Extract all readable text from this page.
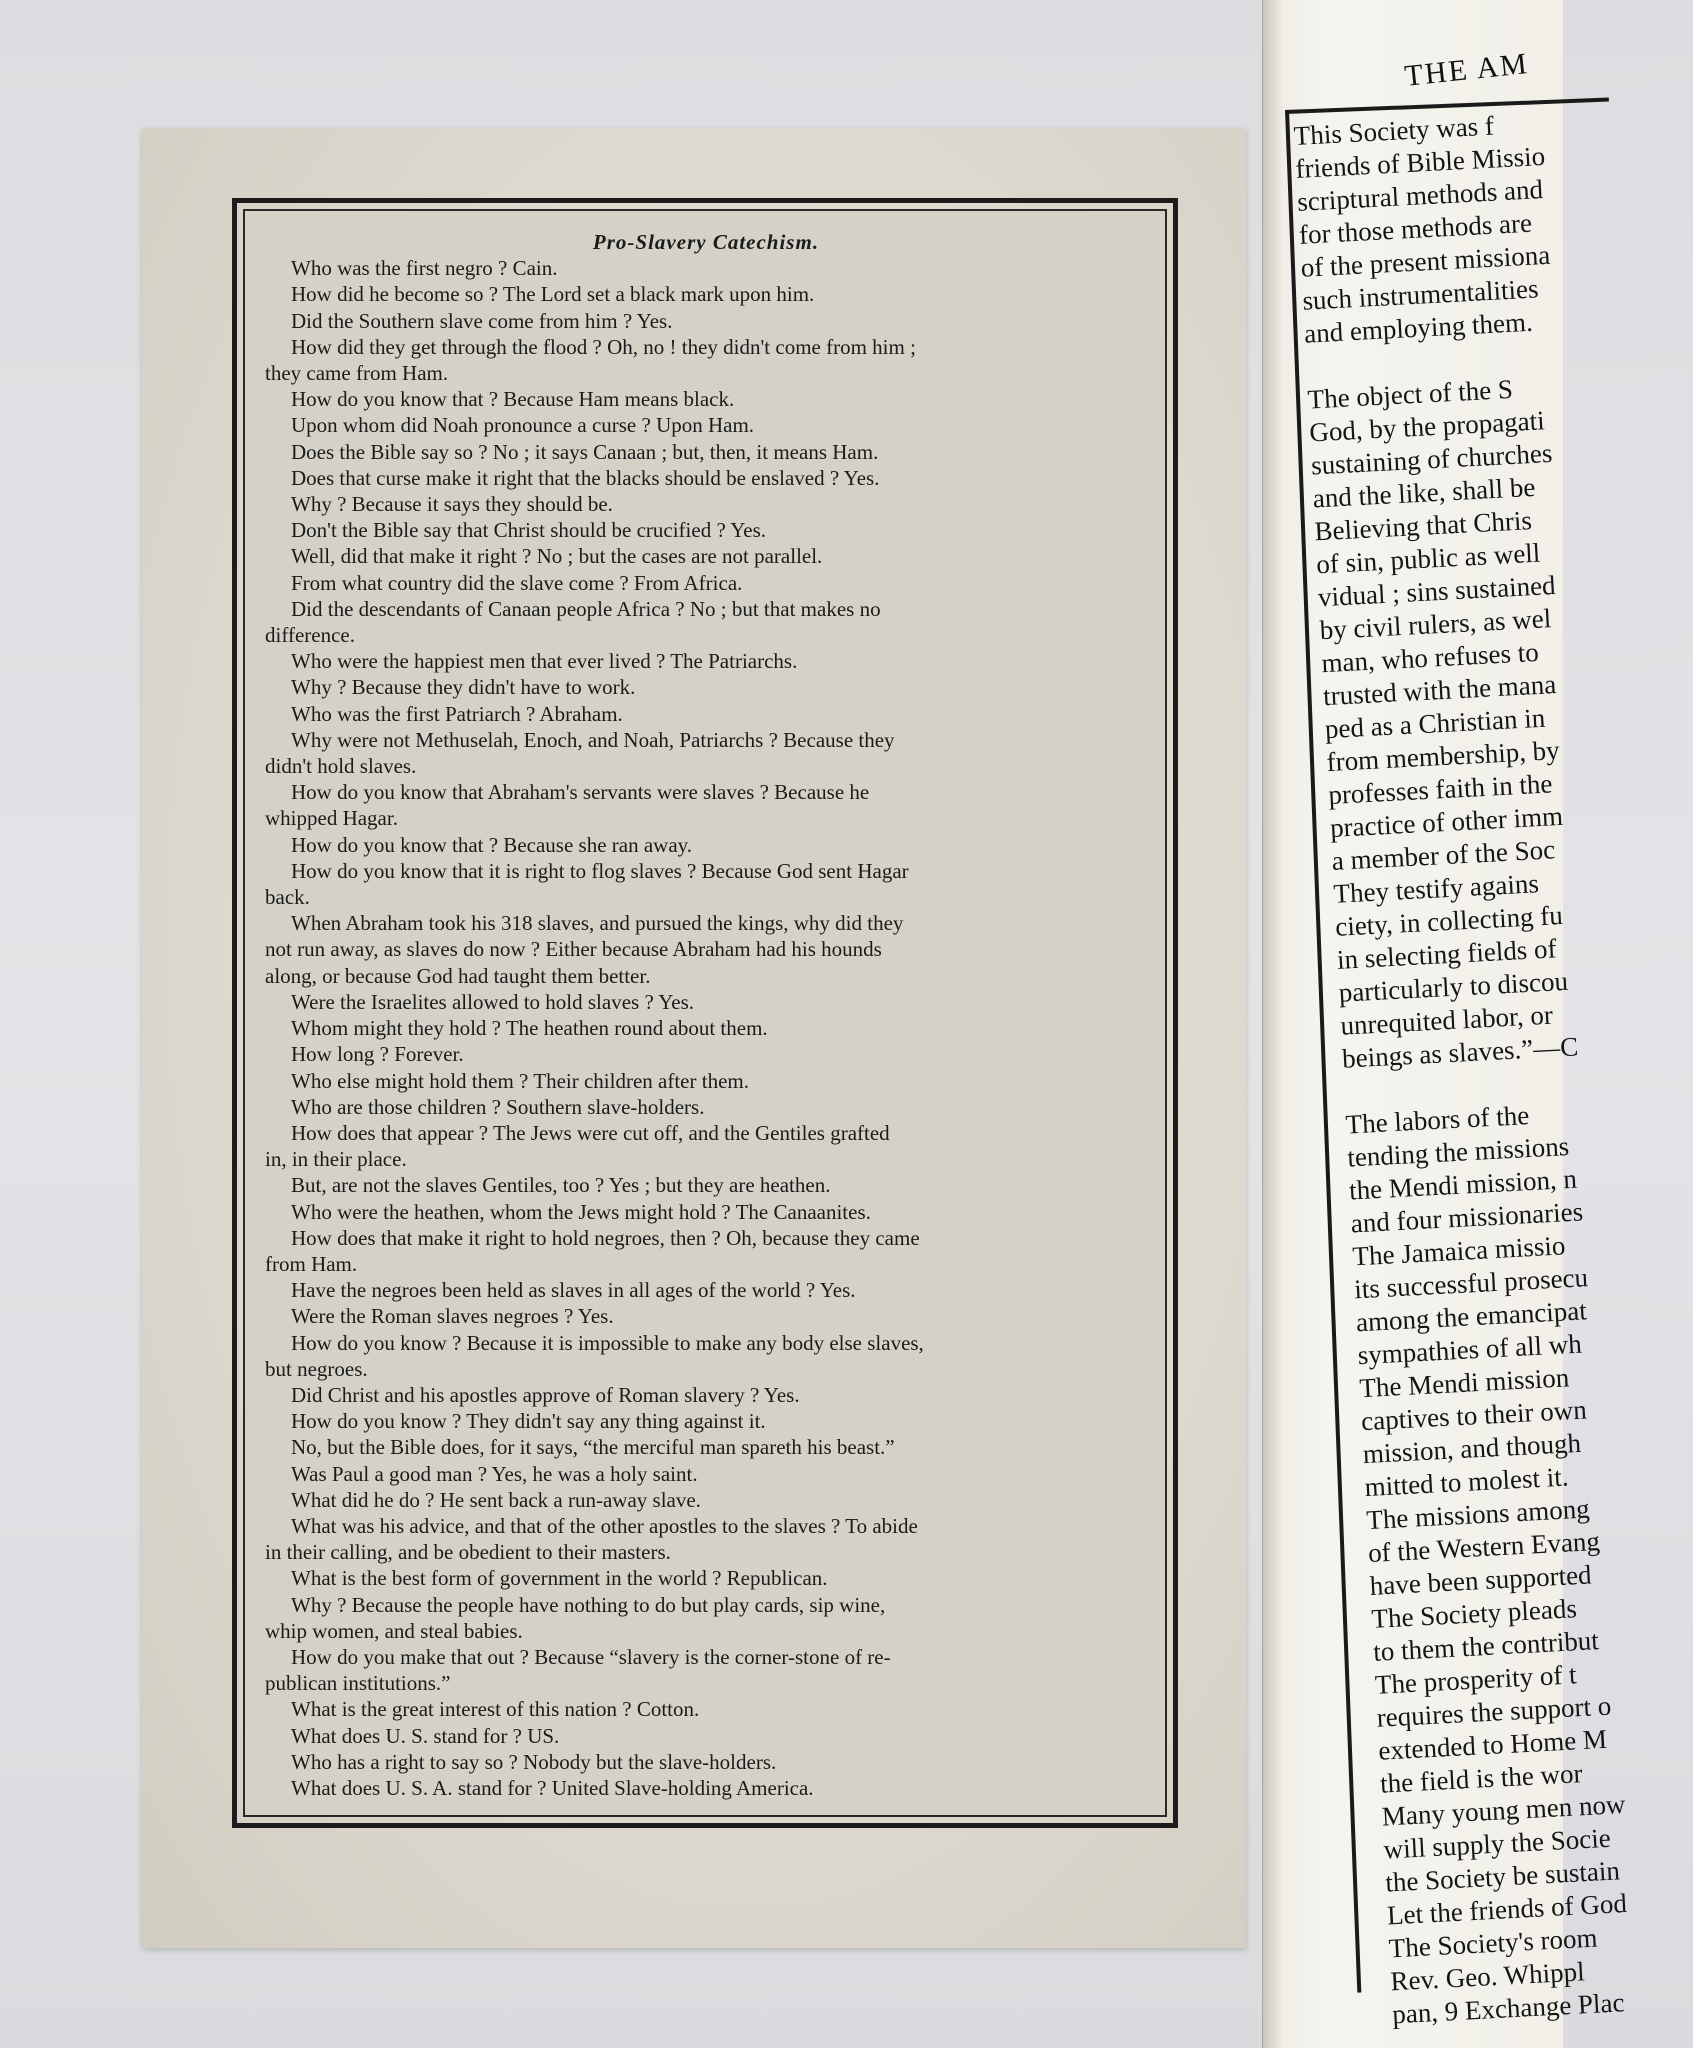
Pro-Slavery Catechism.
Who was the first negro ? Cain.
How did he become so ? The Lord set a black mark upon him.
Did the Southern slave come from him ? Yes.
How did they get through the flood ? Oh, no ! they didn't come from him ;
they came from Ham.
How do you know that ? Because Ham means black.
Upon whom did Noah pronounce a curse ? Upon Ham.
Does the Bible say so ? No ; it says Canaan ; but, then, it means Ham.
Does that curse make it right that the blacks should be enslaved ? Yes.
Why ? Because it says they should be.
Don't the Bible say that Christ should be crucified ? Yes.
Well, did that make it right ? No ; but the cases are not parallel.
From what country did the slave come ? From Africa.
Did the descendants of Canaan people Africa ? No ; but that makes no
difference.
Who were the happiest men that ever lived ? The Patriarchs.
Why ? Because they didn't have to work.
Who was the first Patriarch ? Abraham.
Why were not Methuselah, Enoch, and Noah, Patriarchs ? Because they
didn't hold slaves.
How do you know that Abraham's servants were slaves ? Because he
whipped Hagar.
How do you know that ? Because she ran away.
How do you know that it is right to flog slaves ? Because God sent Hagar
back.
When Abraham took his 318 slaves, and pursued the kings, why did they
not run away, as slaves do now ? Either because Abraham had his hounds
along, or because God had taught them better.
Were the Israelites allowed to hold slaves ? Yes.
Whom might they hold ? The heathen round about them.
How long ? Forever.
Who else might hold them ? Their children after them.
Who are those children ? Southern slave-holders.
How does that appear ? The Jews were cut off, and the Gentiles grafted
in, in their place.
But, are not the slaves Gentiles, too ? Yes ; but they are heathen.
Who were the heathen, whom the Jews might hold ? The Canaanites.
How does that make it right to hold negroes, then ? Oh, because they came
from Ham.
Have the negroes been held as slaves in all ages of the world ? Yes.
Were the Roman slaves negroes ? Yes.
How do you know ? Because it is impossible to make any body else slaves,
but negroes.
Did Christ and his apostles approve of Roman slavery ? Yes.
How do you know ? They didn't say any thing against it.
No, but the Bible does, for it says, “the merciful man spareth his beast.”
Was Paul a good man ? Yes, he was a holy saint.
What did he do ? He sent back a run-away slave.
What was his advice, and that of the other apostles to the slaves ? To abide
in their calling, and be obedient to their masters.
What is the best form of government in the world ? Republican.
Why ? Because the people have nothing to do but play cards, sip wine,
whip women, and steal babies.
How do you make that out ? Because “slavery is the corner-stone of re-
publican institutions.”
What is the great interest of this nation ? Cotton.
What does U. S. stand for ? US.
Who has a right to say so ? Nobody but the slave-holders.
What does U. S. A. stand for ? United Slave-holding America.
THE AM
This Society was f
friends of Bible Missio
scriptural methods and
for those methods are
of the present missiona
such instrumentalities
and employing them.

The object of the S
God, by the propagati
sustaining of churches
and the like, shall be
Believing that Chris
of sin, public as well
vidual ; sins sustained
by civil rulers, as wel
man, who refuses to
trusted with the mana
ped as a Christian in
from membership, by
professes faith in the
practice of other imm
a member of the Soc
They testify agains
ciety, in collecting fu
in selecting fields of
particularly to discou
unrequited labor, or
beings as slaves.”—C

The labors of the
tending the missions
the Mendi mission, n
and four missionaries
The Jamaica missio
its successful prosecu
among the emancipat
sympathies of all wh
The Mendi mission
captives to their own
mission, and though
mitted to molest it.
The missions among
of the Western Evang
have been supported
The Society pleads
to them the contribut
The prosperity of t
requires the support o
extended to Home M
the field is the wor
Many young men now
will supply the Socie
the Society be sustain
Let the friends of God
The Society's room
Rev. Geo. Whippl
pan, 9 Exchange Plac
